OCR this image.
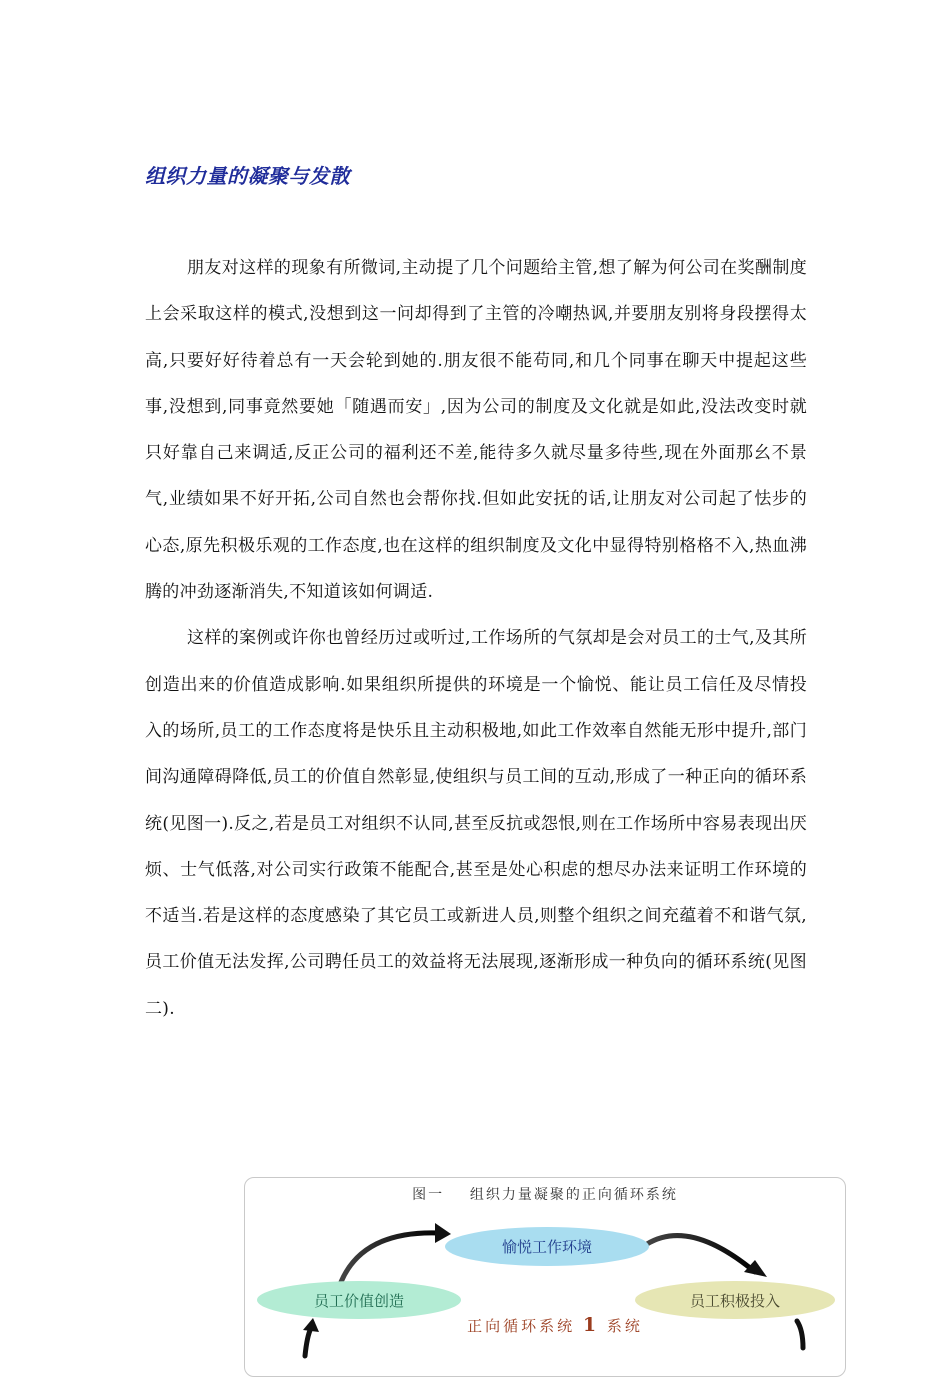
组织力量的凝聚与发散

朋友对这样的现象有所微词,主动提了几个问题给主管,想了解为何公司在奖酬制度上会采取这样的模式,没想到这一问却得到了主管的冷嘲热讽,并要朋友别将身段摆得太高,只要好好待着总有一天会轮到她的.朋友很不能苟同,和几个同事在聊天中提起这些事,没想到,同事竟然要她「随遇而安」,因为公司的制度及文化就是如此,没法改变时就只好靠自己来调适,反正公司的福利还不差,能待多久就尽量多待些,现在外面那幺不景气,业绩如果不好开拓,公司自然也会帮你找.但如此安抚的话,让朋友对公司起了怯步的心态,原先积极乐观的工作态度,也在这样的组织制度及文化中显得特别格格不入,热血沸腾的冲劲逐渐消失,不知道该如何调适.

这样的案例或许你也曾经历过或听过,工作场所的气氛却是会对员工的士气,及其所创造出来的价值造成影响.如果组织所提供的环境是一个愉悦、能让员工信任及尽情投入的场所,员工的工作态度将是快乐且主动积极地,如此工作效率自然能无形中提升,部门间沟通障碍降低,员工的价值自然彰显,使组织与员工间的互动,形成了一种正向的循环系统(见图一).反之,若是员工对组织不认同,甚至反抗或怨恨,则在工作场所中容易表现出厌烦、士气低落,对公司实行政策不能配合,甚至是处心积虑的想尽办法来证明工作环境的不适当.若是这样的态度感染了其它员工或新进人员,则整个组织之间充蕴着不和谐气氛,员工价值无法发挥,公司聘任员工的效益将无法展现,逐渐形成一种负向的循环系统(见图二).

图一    组织力量凝聚的正向循环系统
愉悦工作环境
员工价值创造	员工积极投入
正向循环系统 1 系统
